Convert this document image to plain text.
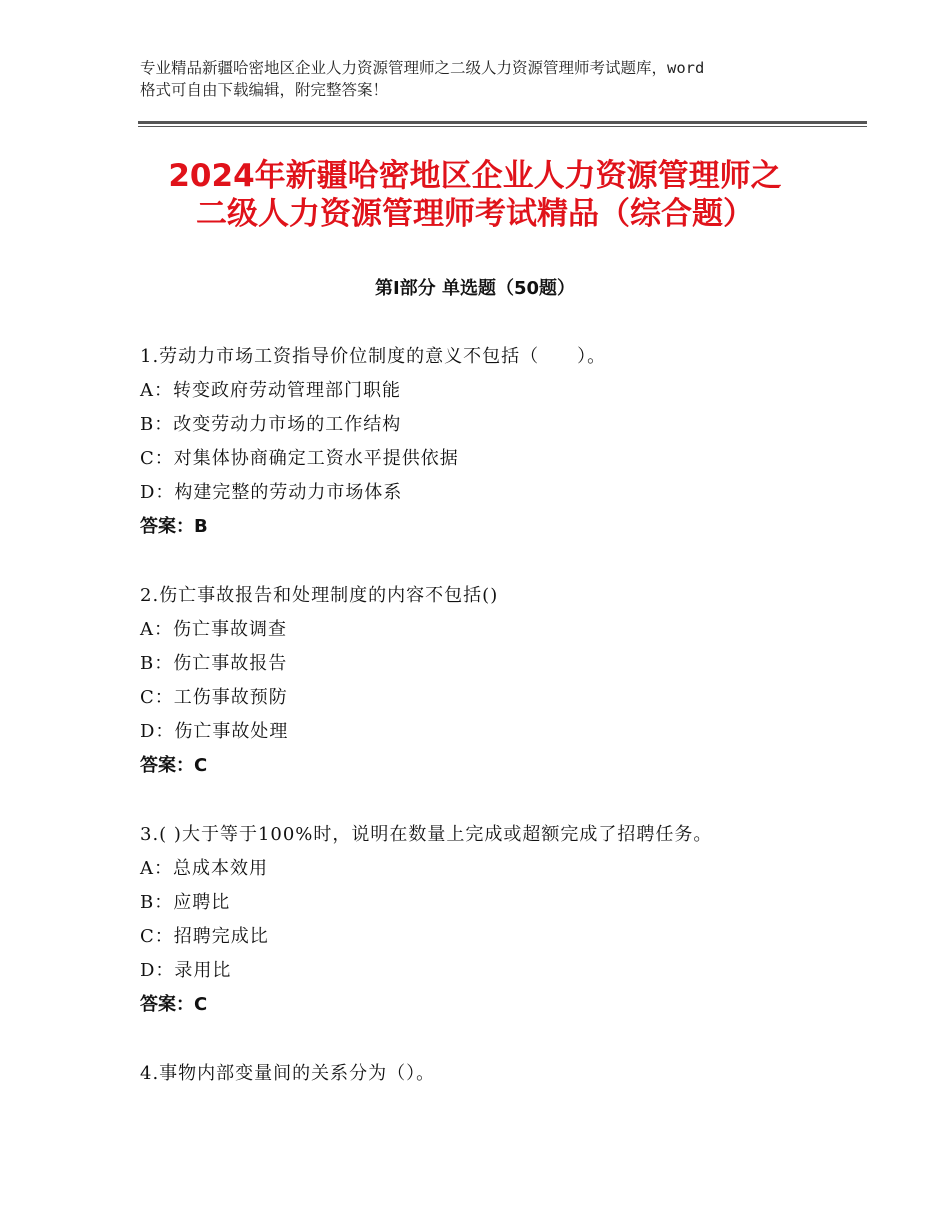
专业精品新疆哈密地区企业人力资源管理师之二级人力资源管理师考试题库，word
格式可自由下载编辑，附完整答案！
2024年新疆哈密地区企业人力资源管理师之
二级人力资源管理师考试精品（综合题）
第Ⅰ部分 单选题（50题）
1.劳动力市场工资指导价位制度的意义不包括（　　）。
A：转变政府劳动管理部门职能
B：改变劳动力市场的工作结构
C：对集体协商确定工资水平提供依据
D：构建完整的劳动力市场体系
答案：B
2.伤亡事故报告和处理制度的内容不包括()
A：伤亡事故调查
B：伤亡事故报告
C：工伤事故预防
D：伤亡事故处理
答案：C
3.( )大于等于100%时，说明在数量上完成或超额完成了招聘任务。
A：总成本效用
B：应聘比
C：招聘完成比
D：录用比
答案：C
4.事物内部变量间的关系分为（）。
